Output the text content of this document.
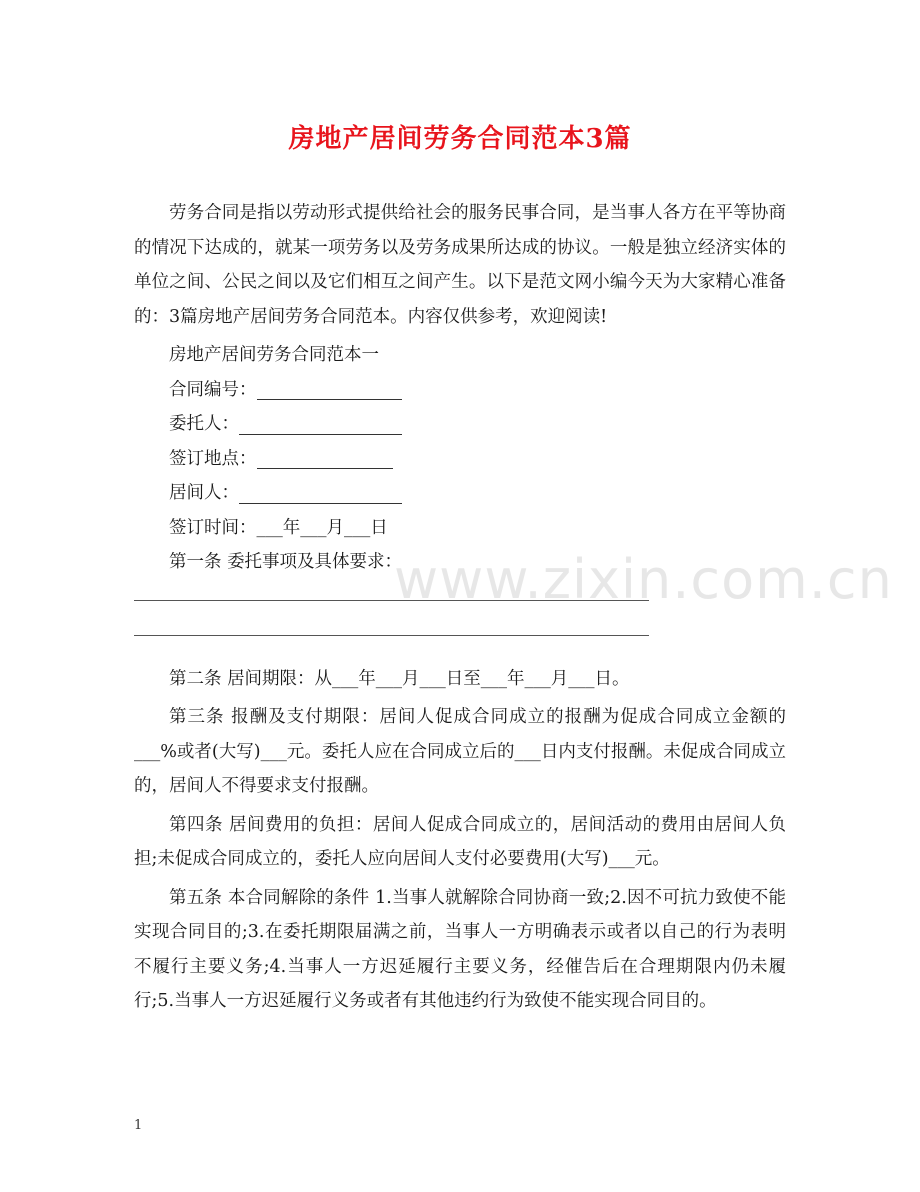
房地产居间劳务合同范本3篇

劳务合同是指以劳动形式提供给社会的服务民事合同，是当事人各方在平等协商的情况下达成的，就某一项劳务以及劳务成果所达成的协议。一般是独立经济实体的单位之间、公民之间以及它们相互之间产生。以下是范文网小编今天为大家精心准备的：3篇房地产居间劳务合同范本。内容仅供参考，欢迎阅读!

房地产居间劳务合同范本一

合同编号：

委托人：

签订地点：

居间人：

签订时间：___年___月___日

第一条 委托事项及具体要求：

第二条 居间期限：从___年___月___日至___年___月___日。

第三条 报酬及支付期限：居间人促成合同成立的报酬为促成合同成立金额的___%或者(大写)___元。委托人应在合同成立后的___日内支付报酬。未促成合同成立的，居间人不得要求支付报酬。

第四条 居间费用的负担：居间人促成合同成立的，居间活动的费用由居间人负担;未促成合同成立的，委托人应向居间人支付必要费用(大写)___元。

第五条 本合同解除的条件 1.当事人就解除合同协商一致;2.因不可抗力致使不能实现合同目的;3.在委托期限届满之前，当事人一方明确表示或者以自己的行为表明不履行主要义务;4.当事人一方迟延履行主要义务，经催告后在合理期限内仍未履行;5.当事人一方迟延履行义务或者有其他违约行为致使不能实现合同目的。

www.zixin.com.cn
1
